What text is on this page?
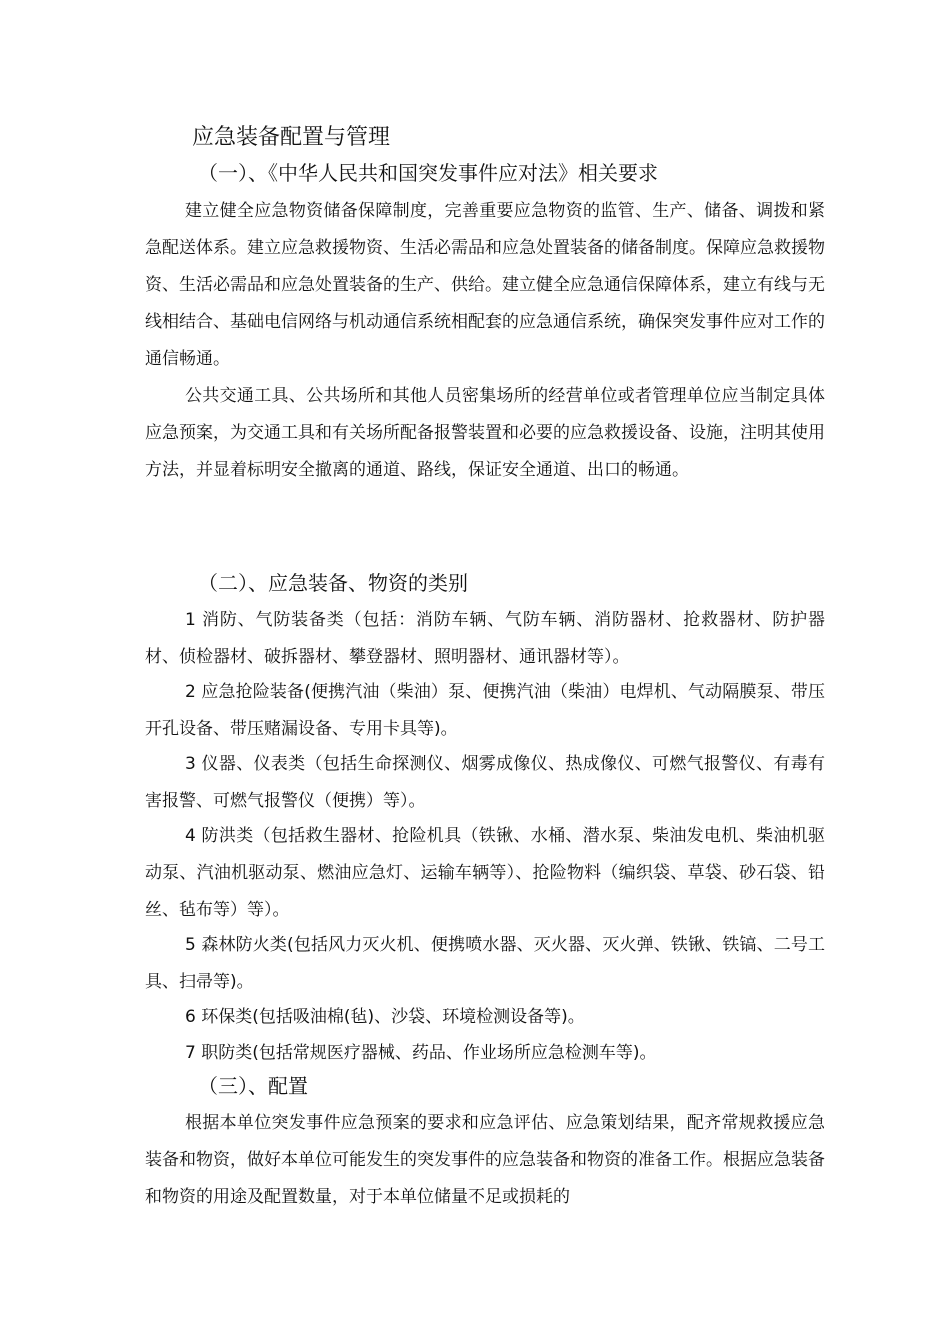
应急装备配置与管理
（一）、《中华人民共和国突发事件应对法》相关要求

建立健全应急物资储备保障制度，完善重要应急物资的监管、生产、储备、调拨和紧急配送体系。建立应急救援物资、生活必需品和应急处置装备的储备制度。保障应急救援物资、生活必需品和应急处置装备的生产、供给。建立健全应急通信保障体系，建立有线与无线相结合、基础电信网络与机动通信系统相配套的应急通信系统，确保突发事件应对工作的通信畅通。

公共交通工具、公共场所和其他人员密集场所的经营单位或者管理单位应当制定具体应急预案，为交通工具和有关场所配备报警装置和必要的应急救援设备、设施，注明其使用方法，并显着标明安全撤离的通道、路线，保证安全通道、出口的畅通。

（二）、应急装备、物资的类别

1 消防、气防装备类（包括：消防车辆、气防车辆、消防器材、抢救器材、防护器材、侦检器材、破拆器材、攀登器材、照明器材、通讯器材等）。

2 应急抢险装备(便携汽油（柴油）泵、便携汽油（柴油）电焊机、气动隔膜泵、带压开孔设备、带压赌漏设备、专用卡具等)。

3 仪器、仪表类（包括生命探测仪、烟雾成像仪、热成像仪、可燃气报警仪、有毒有害报警、可燃气报警仪（便携）等）。

4 防洪类（包括救生器材、抢险机具（铁锹、水桶、潜水泵、柴油发电机、柴油机驱动泵、汽油机驱动泵、燃油应急灯、运输车辆等）、抢险物料（编织袋、草袋、砂石袋、铅丝、毡布等）等）。

5 森林防火类(包括风力灭火机、便携喷水器、灭火器、灭火弹、铁锹、铁镐、二号工具、扫帚等)。

6 环保类(包括吸油棉(毡)、沙袋、环境检测设备等)。

7 职防类(包括常规医疗器械、药品、作业场所应急检测车等)。

（三）、配置

根据本单位突发事件应急预案的要求和应急评估、应急策划结果，配齐常规救援应急装备和物资，做好本单位可能发生的突发事件的应急装备和物资的准备工作。根据应急装备和物资的用途及配置数量，对于本单位储量不足或损耗的
